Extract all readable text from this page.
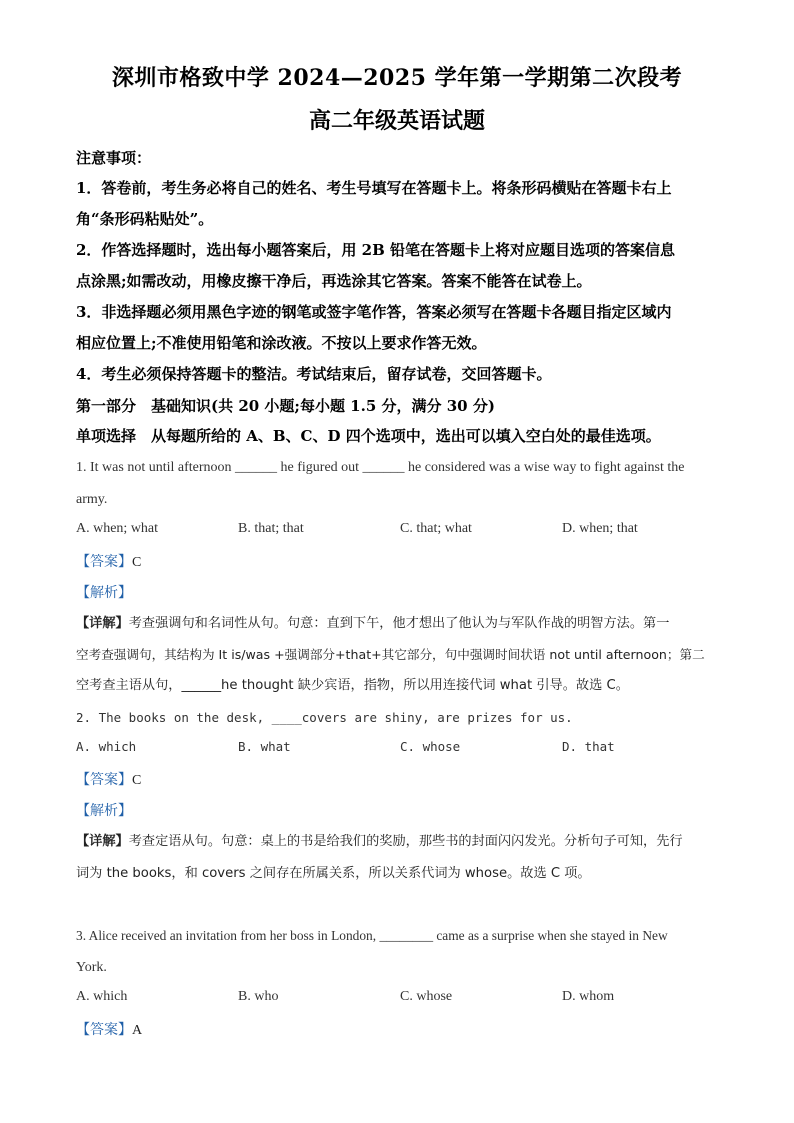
深圳市格致中学 2024—2025 学年第一学期第二次段考
高二年级英语试题
注意事项：
1．答卷前，考生务必将自己的姓名、考生号填写在答题卡上。将条形码横贴在答题卡右上
角“条形码粘贴处”。
2．作答选择题时，选出每小题答案后，用 2B 铅笔在答题卡上将对应题目选项的答案信息
点涂黑;如需改动，用橡皮擦干净后，再选涂其它答案。答案不能答在试卷上。
3．非选择题必须用黑色字迹的钢笔或签字笔作答，答案必须写在答题卡各题目指定区域内
相应位置上;不准使用铅笔和涂改液。不按以上要求作答无效。
4．考生必须保持答题卡的整洁。考试结束后，留存试卷，交回答题卡。
第一部分　基础知识(共 20 小题;每小题 1.5 分，满分 30 分)
单项选择　从每题所给的 A、B、C、D 四个选项中，选出可以填入空白处的最佳选项。
1. It was not until afternoon ______ he figured out ______ he considered was a wise way to fight against the
army.
A. when; what	B. that; that	C. that; what	D. when; that
【答案】C
【解析】
【详解】考查强调句和名词性从句。句意：直到下午，他才想出了他认为与军队作战的明智方法。第一
空考查强调句，其结构为 It is/was +强调部分+that+其它部分，句中强调时间状语 not until afternoon；第二
空考查主语从句，______he thought 缺少宾语，指物，所以用连接代词 what 引导。故选 C。
2. The books on the desk, ____covers are shiny, are prizes for us.
A. which	B. what	C. whose	D. that
【答案】C
【解析】
【详解】考查定语从句。句意：桌上的书是给我们的奖励，那些书的封面闪闪发光。分析句子可知，先行
词为 the books，和 covers 之间存在所属关系，所以关系代词为 whose。故选 C 项。
3. Alice received an invitation from her boss in London, ________ came as a surprise when she stayed in New
York.
A. which	B. who	C. whose	D. whom
【答案】A
